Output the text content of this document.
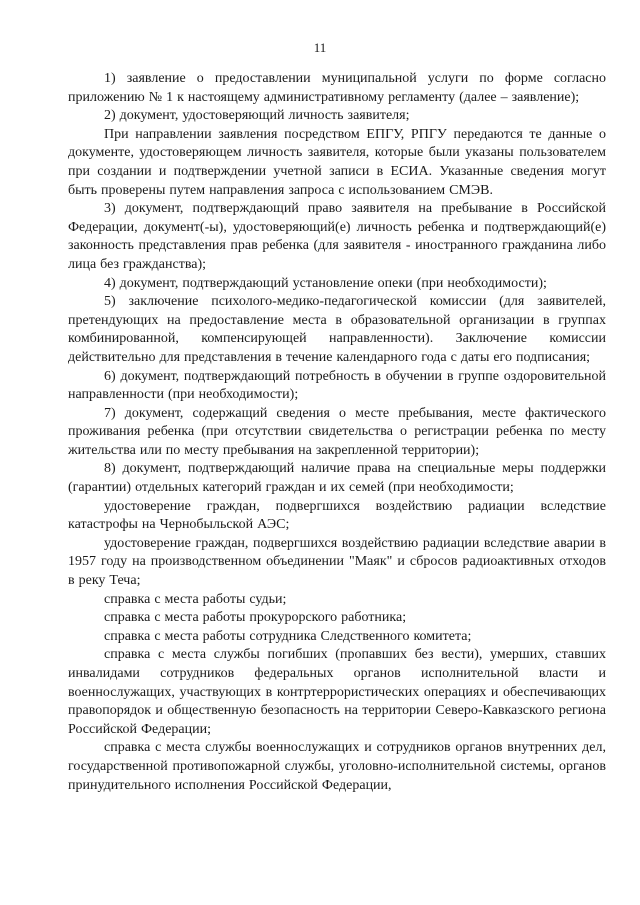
11

1) заявление о предоставлении муниципальной услуги по форме согласно приложению № 1 к настоящему административному регламенту (далее – заявление);

2) документ, удостоверяющий личность заявителя;

При направлении заявления посредством ЕПГУ, РПГУ передаются те данные о документе, удостоверяющем личность заявителя, которые были указаны пользователем при создании и подтверждении учетной записи в ЕСИА. Указанные сведения могут быть проверены путем направления запроса с использованием СМЭВ.

3) документ, подтверждающий право заявителя на пребывание в Российской Федерации, документ(-ы), удостоверяющий(е) личность ребенка и подтверждающий(е) законность представления прав ребенка (для заявителя - иностранного гражданина либо лица без гражданства);

4) документ, подтверждающий установление опеки (при необходимости);

5) заключение психолого-медико-педагогической комиссии (для заявителей, претендующих на предоставление места в образовательной организации в группах комбинированной, компенсирующей направленности). Заключение комиссии действительно для представления в течение календарного года с даты его подписания;

6) документ, подтверждающий потребность в обучении в группе оздоровительной направленности (при необходимости);

7) документ, содержащий сведения о месте пребывания, месте фактического проживания ребенка (при отсутствии свидетельства о регистрации ребенка по месту жительства или по месту пребывания на закрепленной территории);

8) документ, подтверждающий наличие права на специальные меры поддержки (гарантии) отдельных категорий граждан и их семей (при необходимости;

удостоверение граждан, подвергшихся воздействию радиации вследствие катастрофы на Чернобыльской АЭС;

удостоверение граждан, подвергшихся воздействию радиации вследствие аварии в 1957 году на производственном объединении "Маяк" и сбросов радиоактивных отходов в реку Теча;

справка с места работы судьи;

справка с места работы прокурорского работника;

справка с места работы сотрудника Следственного комитета;

справка с места службы погибших (пропавших без вести), умерших, ставших инвалидами сотрудников федеральных органов исполнительной власти и военнослужащих, участвующих в контртеррористических операциях и обеспечивающих правопорядок и общественную безопасность на территории Северо-Кавказского региона Российской Федерации;

справка с места службы военнослужащих и сотрудников органов внутренних дел, государственной противопожарной службы, уголовно-исполнительной системы, органов принудительного исполнения Российской Федерации,
